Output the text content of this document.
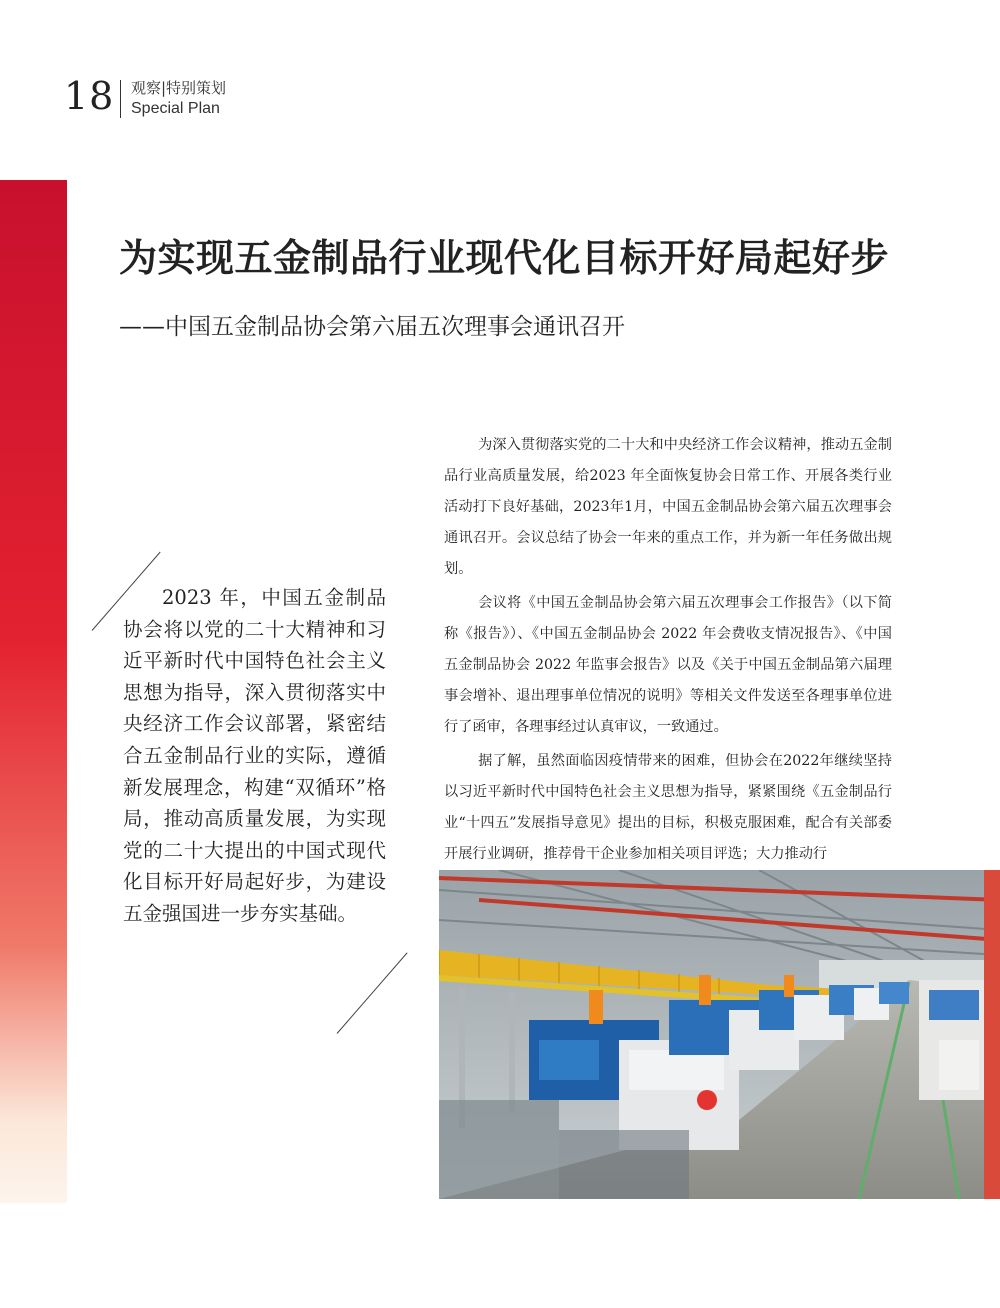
18 观察|特别策划
Special Plan
为实现五金制品行业现代化目标开好局起好步
——中国五金制品协会第六届五次理事会通讯召开
2023 年，中国五金制品协会将以党的二十大精神和习近平新时代中国特色社会主义思想为指导，深入贯彻落实中央经济工作会议部署，紧密结合五金制品行业的实际，遵循新发展理念，构建“双循环”格局，推动高质量发展，为实现党的二十大提出的中国式现代化目标开好局起好步，为建设五金强国进一步夯实基础。

为深入贯彻落实党的二十大和中央经济工作会议精神，推动五金制品行业高质量发展，给2023 年全面恢复协会日常工作、开展各类行业活动打下良好基础，2023年1月，中国五金制品协会第六届五次理事会通讯召开。会议总结了协会一年来的重点工作，并为新一年任务做出规划。

会议将《中国五金制品协会第六届五次理事会工作报告》（以下简称《报告》）、《中国五金制品协会 2022 年会费收支情况报告》、《中国五金制品协会 2022 年监事会报告》以及《关于中国五金制品第六届理事会增补、退出理事单位情况的说明》等相关文件发送至各理事单位进行了函审，各理事经过认真审议，一致通过。

据了解，虽然面临因疫情带来的困难，但协会在2022年继续坚持以习近平新时代中国特色社会主义思想为指导，紧紧围绕《五金制品行业“十四五”发展指导意见》提出的目标，积极克服困难，配合有关部委开展行业调研，推荐骨干企业参加相关项目评选；大力推动行
